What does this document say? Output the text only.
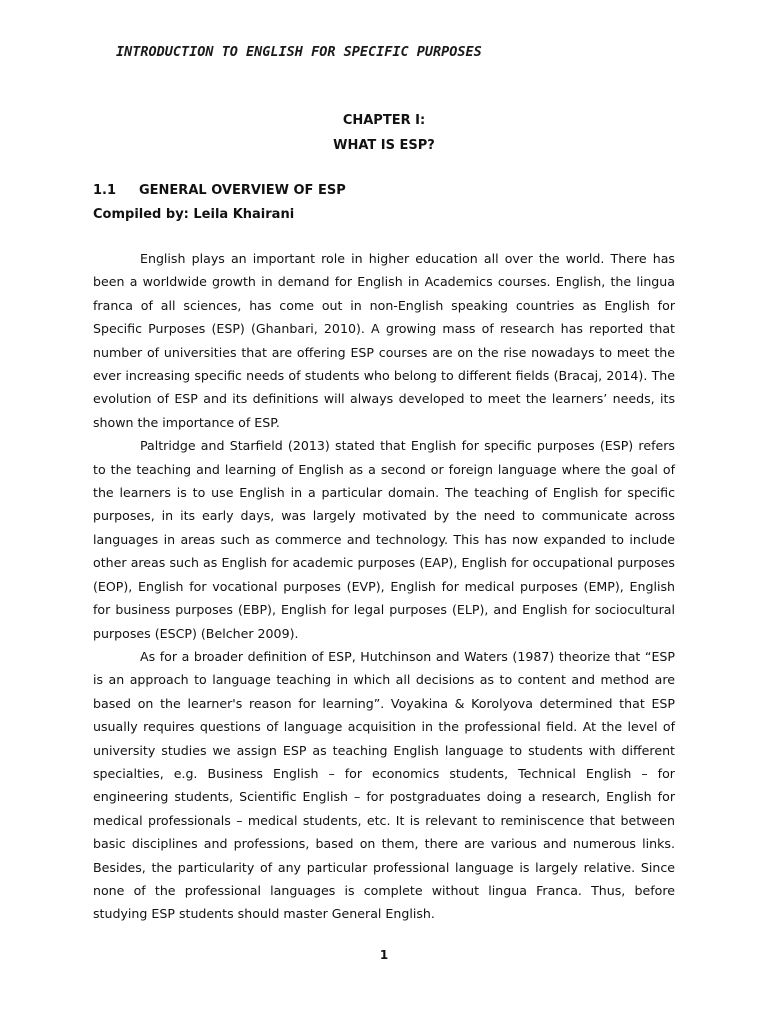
INTRODUCTION TO ENGLISH FOR SPECIFIC PURPOSES
CHAPTER I:
WHAT IS ESP?
1.1 GENERAL OVERVIEW OF ESP
Compiled by: Leila Khairani

English plays an important role in higher education all over the world. There has been a worldwide growth in demand for English in Academics courses. English, the lingua franca of all sciences, has come out in non-English speaking countries as English for Specific Purposes (ESP) (Ghanbari, 2010). A growing mass of research has reported that number of universities that are offering ESP courses are on the rise nowadays to meet the ever increasing specific needs of students who belong to different fields (Bracaj, 2014). The evolution of ESP and its definitions will always developed to meet the learners’ needs, its shown the importance of ESP.

Paltridge and Starfield (2013) stated that English for specific purposes (ESP) refers to the teaching and learning of English as a second or foreign language where the goal of the learners is to use English in a particular domain. The teaching of English for specific purposes, in its early days, was largely motivated by the need to communicate across languages in areas such as commerce and technology. This has now expanded to include other areas such as English for academic purposes (EAP), English for occupational purposes (EOP), English for vocational purposes (EVP), English for medical purposes (EMP), English for business purposes (EBP), English for legal purposes (ELP), and English for sociocultural purposes (ESCP) (Belcher 2009).

As for a broader definition of ESP, Hutchinson and Waters (1987) theorize that “ESP is an approach to language teaching in which all decisions as to content and method are based on the learner's reason for learning”. Voyakina & Korolyova determined that ESP usually requires questions of language acquisition in the professional field. At the level of university studies we assign ESP as teaching English language to students with different specialties, e.g. Business English – for economics students, Technical English – for engineering students, Scientific English – for postgraduates doing a research, English for medical professionals – medical students, etc. It is relevant to reminiscence that between basic disciplines and professions, based on them, there are various and numerous links. Besides, the particularity of any particular professional language is largely relative. Since none of the professional languages is complete without lingua Franca. Thus, before studying ESP students should master General English.

1
